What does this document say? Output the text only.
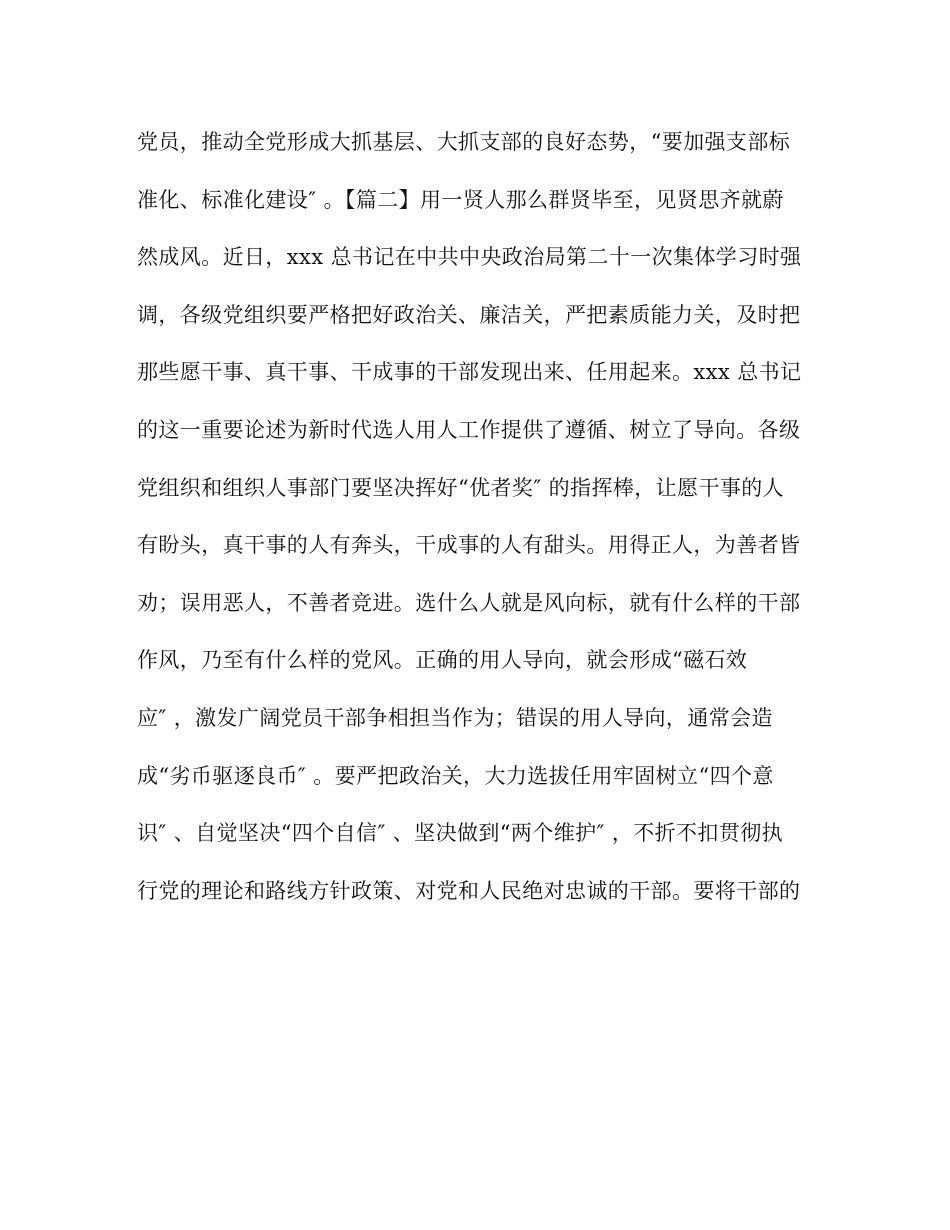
党员，推动全党形成大抓基层、大抓支部的良好态势，“要加强支部标
准化、标准化建设″ 。【篇二】用一贤人那么群贤毕至，见贤思齐就蔚
然成风。近日，xxx 总书记在中共中央政治局第二十一次集体学习时强
调，各级党组织要严格把好政治关、廉洁关，严把素质能力关，及时把
那些愿干事、真干事、干成事的干部发现出来、任用起来。xxx 总书记
的这一重要论述为新时代选人用人工作提供了遵循、树立了导向。各级
党组织和组织人事部门要坚决挥好“优者奖″ 的指挥棒，让愿干事的人
有盼头，真干事的人有奔头，干成事的人有甜头。用得正人，为善者皆
劝；误用恶人，不善者竞进。选什么人就是风向标，就有什么样的干部
作风，乃至有什么样的党风。正确的用人导向，就会形成“磁石效
应″ ，激发广阔党员干部争相担当作为；错误的用人导向，通常会造
成“劣币驱逐良币″ 。要严把政治关，大力选拔任用牢固树立“四个意
识″ 、自觉坚决“四个自信″ 、坚决做到“两个维护″ ，不折不扣贯彻执
行党的理论和路线方针政策、对党和人民绝对忠诚的干部。要将干部的
